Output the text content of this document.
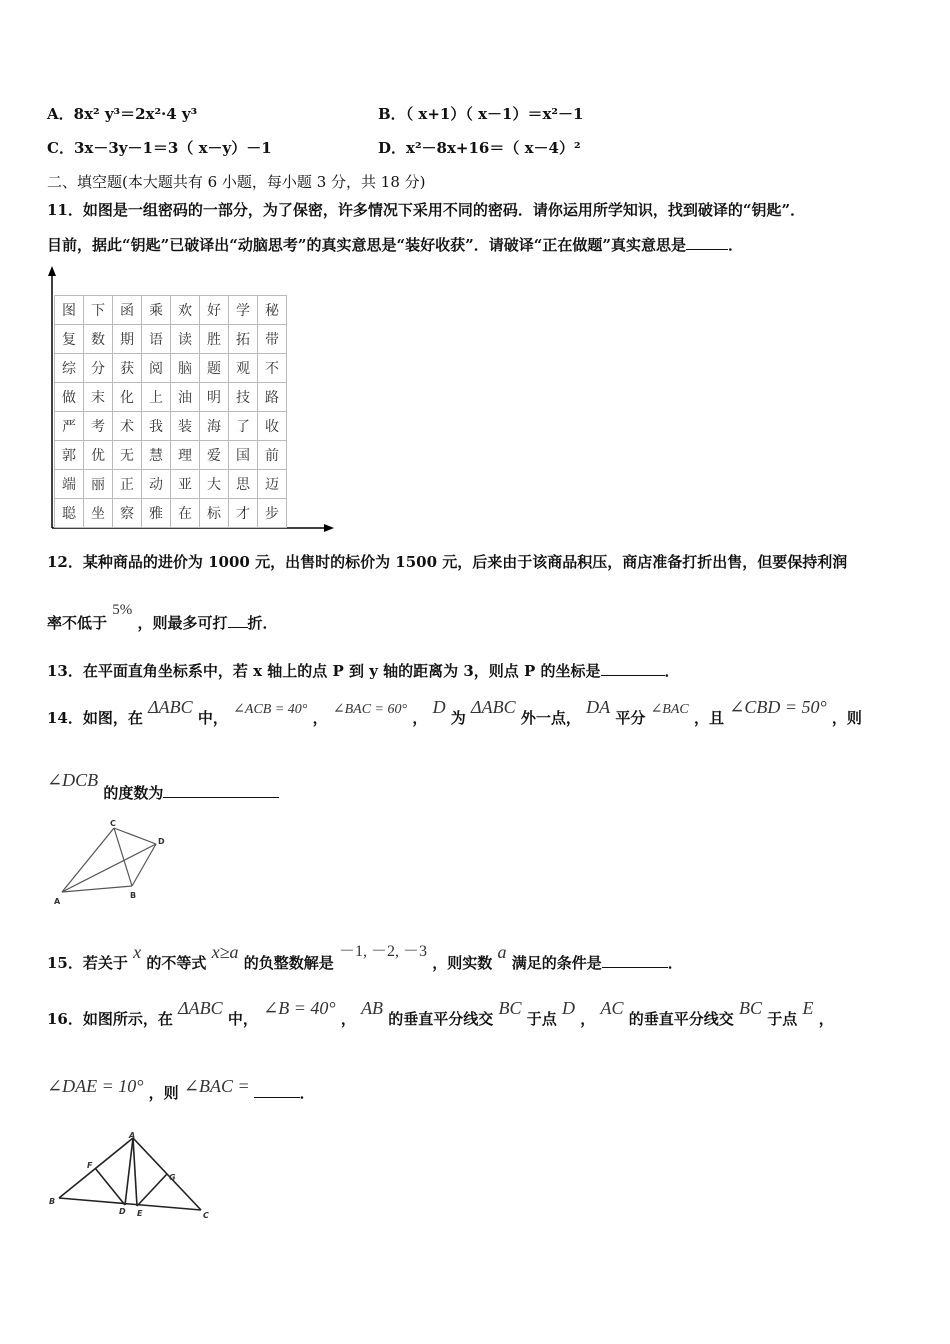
A．8x² y³＝2x²·4 y³	B．（ x+1）（ x－1）＝x²－1
C．3x－3y－1＝3（ x－y）－1	D．x²－8x+16＝（ x－4）²
二、填空题(本大题共有 6 小题，每小题 3 分，共 18 分)
11．如图是一组密码的一部分，为了保密，许多情况下采用不同的密码．请你运用所学知识，找到破译的“钥匙”．
目前，据此“钥匙”已破译出“动脑思考”的真实意思是“装好收获”．请破译“正在做题”真实意思是	．
图	下	函	乘	欢	好	学	秘
复	数	期	语	读	胜	拓	带
综	分	获	阅	脑	题	观	不
做	末	化	上	油	明	技	路
严	考	术	我	装	海	了	收
郭	优	无	慧	理	爱	国	前
端	丽	正	动	亚	大	思	迈
聪	坐	察	雅	在	标	才	步
12．某种商品的进价为 1000 元，出售时的标价为 1500 元，后来由于该商品积压，商店准备打折出售，但要保持利润
率不低于 5% ，则最多可打 折．
13．在平面直角坐标系中，若 x 轴上的点 P 到 y 轴的距离为 3，则点 P 的坐标是	．
14．如图，在 ΔABC 中， ∠ACB = 40° ， ∠BAC = 60° ， D 为 ΔABC 外一点， DA 平分 ∠BAC ，且 ∠CBD = 50° ，则
∠DCB 的度数为
A
B
C
D
15．若关于 x 的不等式 x≥a 的负整数解是 －1, －2, －3 ，则实数 a 满足的条件是	．
16．如图所示，在 ΔABC 中， ∠B = 40° ， AB 的垂直平分线交 BC 于点 D ， AC 的垂直平分线交 BC 于点 E ，
∠DAE = 10° ，则 ∠BAC =	．
A
B
C
D E
F
G
